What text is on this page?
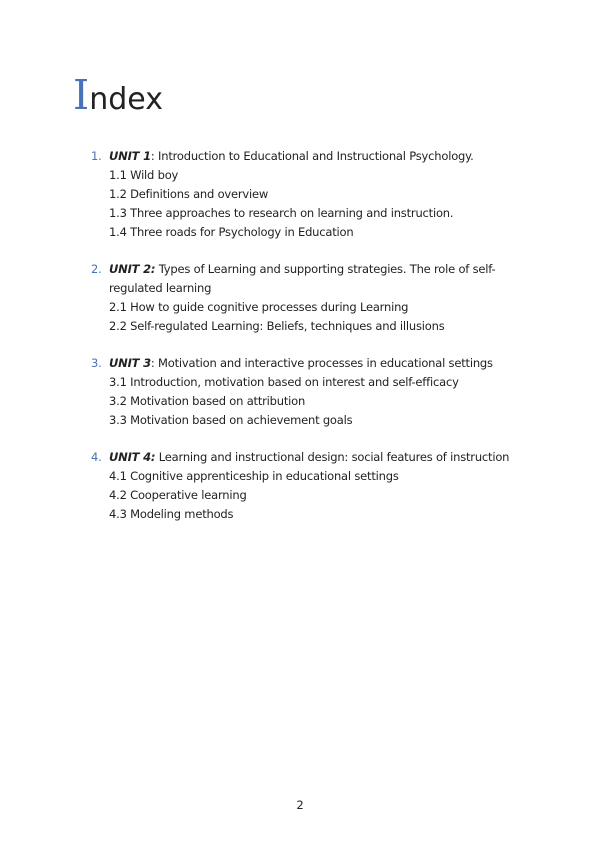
Index
1. UNIT 1: Introduction to Educational and Instructional Psychology.
1.1 Wild boy
1.2 Definitions and overview
1.3 Three approaches to research on learning and instruction.
1.4 Three roads for Psychology in Education
2. UNIT 2: Types of Learning and supporting strategies. The role of self-regulated learning
2.1 How to guide cognitive processes during Learning
2.2 Self-regulated Learning: Beliefs, techniques and illusions
3. UNIT 3: Motivation and interactive processes in educational settings
3.1 Introduction, motivation based on interest and self-efficacy
3.2 Motivation based on attribution
3.3 Motivation based on achievement goals
4. UNIT 4: Learning and instructional design: social features of instruction
4.1 Cognitive apprenticeship in educational settings
4.2 Cooperative learning
4.3 Modeling methods
2
